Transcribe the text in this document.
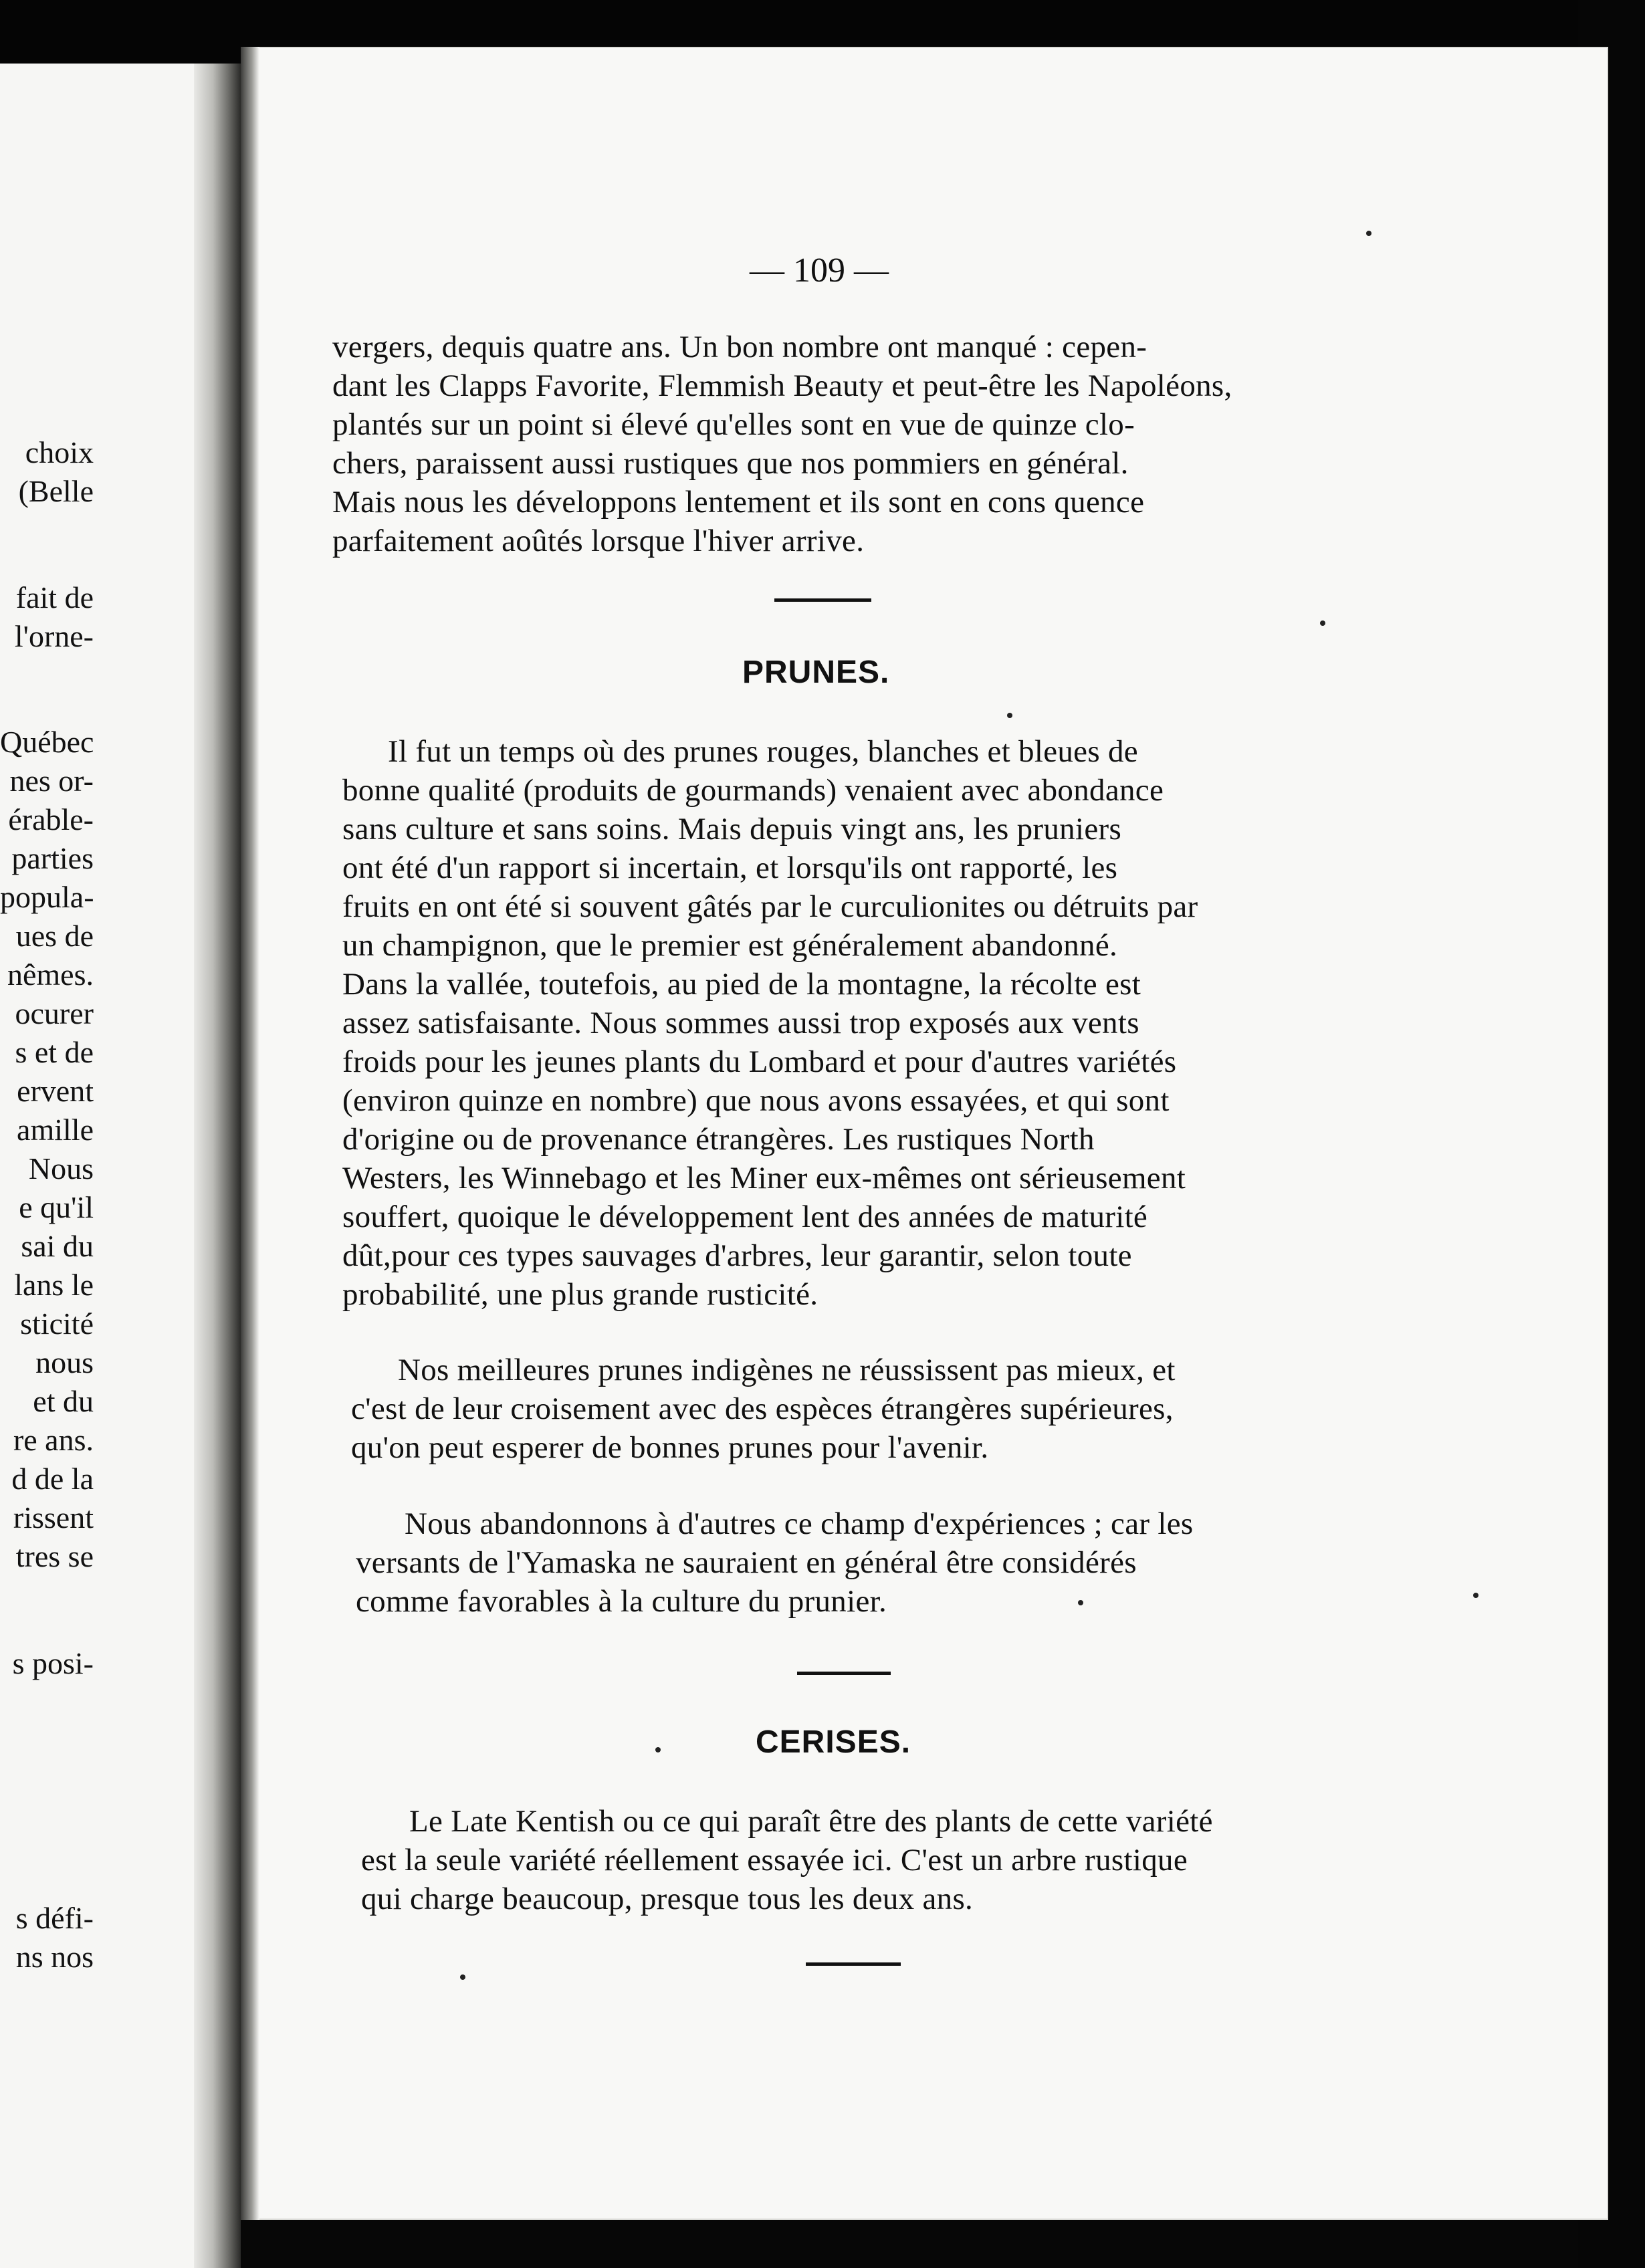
choix
(Belle
fait de
l'orne-
Québec
nes or-
érable-
parties
popula-
ues de
nêmes.
ocurer
s et de
ervent
amille
Nous
e qu'il
sai du
lans le
sticité
nous
et du
re ans.
d de la
rissent
tres se
s posi-
s défi-
ns nos
— 109 —
vergers, dequis quatre ans. Un bon nombre ont manqué : cepen-
dant les Clapps Favorite, Flemmish Beauty et peut-être les Napoléons,
plantés sur un point si élevé qu'elles sont en vue de quinze clo-
chers, paraissent aussi rustiques que nos pommiers en général.
Mais nous les développons lentement et ils sont en cons quence
parfaitement aoûtés lorsque l'hiver arrive.
PRUNES.
Il fut un temps où des prunes rouges, blanches et bleues de
bonne qualité (produits de gourmands) venaient avec abondance
sans culture et sans soins. Mais depuis vingt ans, les pruniers
ont été d'un rapport si incertain, et lorsqu'ils ont rapporté, les
fruits en ont été si souvent gâtés par le curculionites ou détruits par
un champignon, que le premier est généralement abandonné.
Dans la vallée, toutefois, au pied de la montagne, la récolte est
assez satisfaisante. Nous sommes aussi trop exposés aux vents
froids pour les jeunes plants du Lombard et pour d'autres variétés
(environ quinze en nombre) que nous avons essayées, et qui sont
d'origine ou de provenance étrangères. Les rustiques North
Westers, les Winnebago et les Miner eux-mêmes ont sérieusement
souffert, quoique le développement lent des années de maturité
dût,pour ces types sauvages d'arbres, leur garantir, selon toute
probabilité, une plus grande rusticité.
Nos meilleures prunes indigènes ne réussissent pas mieux, et
c'est de leur croisement avec des espèces étrangères supérieures,
qu'on peut esperer de bonnes prunes pour l'avenir.
Nous abandonnons à d'autres ce champ d'expériences ; car les
versants de l'Yamaska ne sauraient en général être considérés
comme favorables à la culture du prunier.
CERISES.
Le Late Kentish ou ce qui paraît être des plants de cette variété
est la seule variété réellement essayée ici. C'est un arbre rustique
qui charge beaucoup, presque tous les deux ans.
